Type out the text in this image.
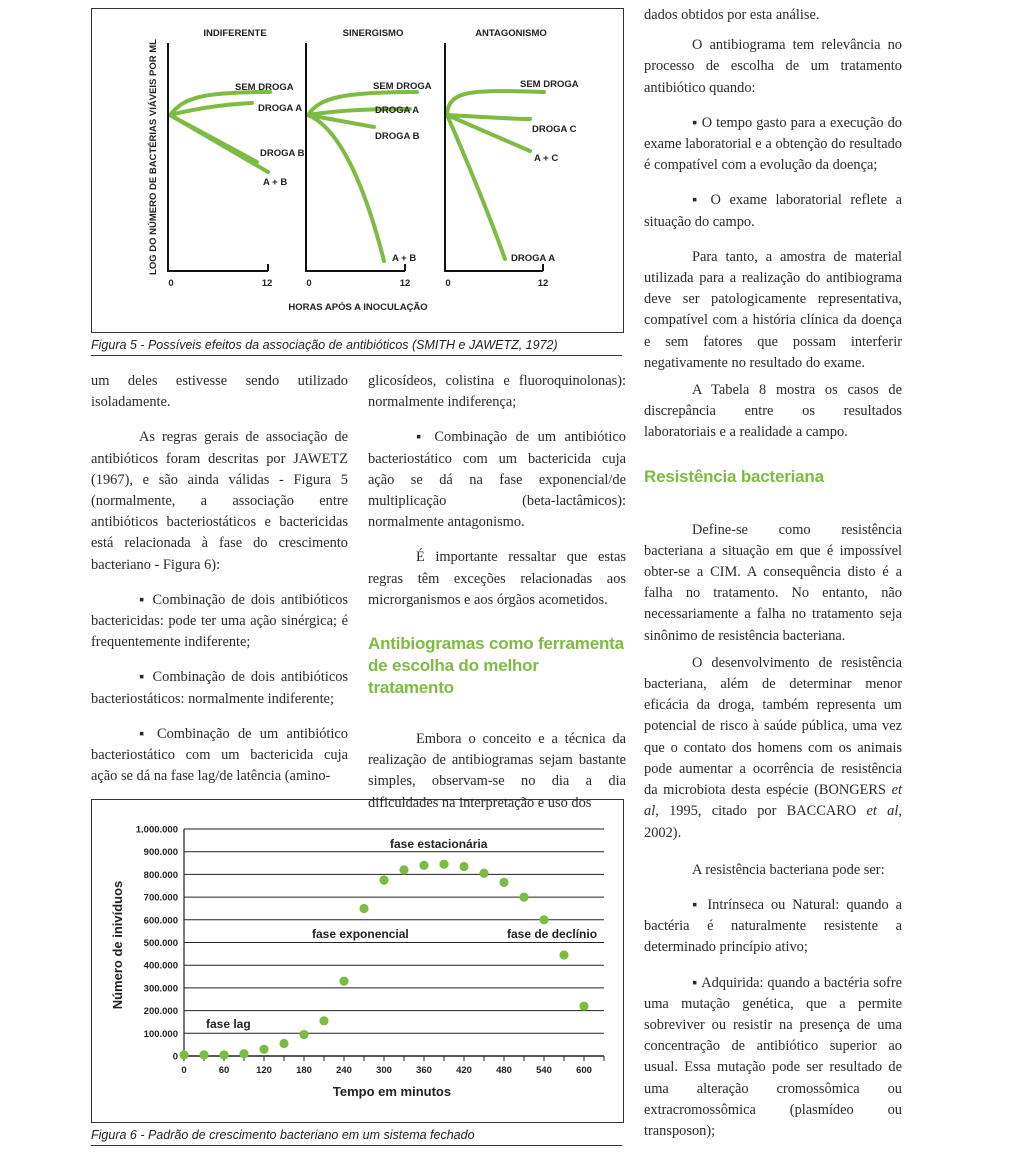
INDIFERENTE	SINERGISMO	ANTAGONISMO
LOG DO NÚMERO DE BACTÉRIAS VIÁVEIS POR ML	SEM DROGA
DROGA A
DROGA B
A + B
SEM DROGA
DROGA A
DROGA B
A + B
SEM DROGA
DROGA C
A + C
DROGA A
0	12	0	12	0	12
HORAS APÓS A INOCULAÇÃO
Figura 5 - Possíveis efeitos da associação de antibióticos (SMITH e JAWETZ, 1972)
0
100.000
200.000
300.000
400.000
500.000
600.000
700.000
800.000
900.000
1.000.000
0	60	120	180	240	300	360	420	480	540	600
fase lag
fase exponencial
fase estacionária
fase de declínio
Tempo em minutos
Número de inivíduos
Figura 6 - Padrão de crescimento bacteriano em um sistema fechado

um deles estivesse sendo utilizado isoladamente.

As regras gerais de associação de antibióticos foram descritas por JAWETZ (1967), e são ainda válidas - Figura 5 (normalmente, a associação entre antibióticos bacteriostáticos e bactericidas está relacionada à fase do crescimento bacteriano - Figura 6):

▪ Combinação de dois antibióticos bactericidas: pode ter uma ação sinérgica; é frequentemente indiferente;

▪ Combinação de dois antibióticos bacteriostáticos: normalmente indiferente;

▪ Combinação de um antibiótico bacteriostático com um bactericida cuja ação se dá na fase lag/de latência (amino-

glicosídeos, colistina e fluoroquinolonas): normalmente indiferença;

▪ Combinação de um antibiótico bacteriostático com um bactericida cuja ação se dá na fase exponencial/de multiplicação (beta-lactâmicos): normalmente antagonismo.

É importante ressaltar que estas regras têm exceções relacionadas aos microrganismos e aos órgãos acometidos.

Antibiogramas como ferramenta de escolha do melhor tratamento

Embora o conceito e a técnica da realização de antibiogramas sejam bastante simples, observam-se no dia a dia dificuldades na interpretação e uso dos

dados obtidos por esta análise.

O antibiograma tem relevância no processo de escolha de um tratamento antibiótico quando:

▪ O tempo gasto para a execução do exame laboratorial e a obtenção do resultado é compatível com a evolução da doença;

▪ O exame laboratorial reflete a situação do campo.

Para tanto, a amostra de material utilizada para a realização do antibiograma deve ser patologicamente representativa, compatível com a história clínica da doença e sem fatores que possam interferir negativamente no resultado do exame.

A Tabela 8 mostra os casos de discrepância entre os resultados laboratoriais e a realidade a campo.

Resistência bacteriana

Define-se como resistência bacteriana a situação em que é impossível obter-se a CIM. A consequência disto é a falha no tratamento. No entanto, não necessariamente a falha no tratamento seja sinônimo de resistência bacteriana.

O desenvolvimento de resistência bacteriana, além de determinar menor eficácia da droga, também representa um potencial de risco à saúde pública, uma vez que o contato dos homens com os animais pode aumentar a ocorrência de resistência da microbiota desta espécie (BONGERS et al, 1995, citado por BACCARO et al, 2002).

A resistência bacteriana pode ser:

▪ Intrínseca ou Natural: quando a bactéria é naturalmente resistente a determinado princípio ativo;

▪ Adquirida: quando a bactéria sofre uma mutação genética, que a permite sobreviver ou resistir na presença de uma concentração de antibiótico superior ao usual. Essa mutação pode ser resultado de uma alteração cromossômica ou extracromossômica (plasmídeo ou transposon);
